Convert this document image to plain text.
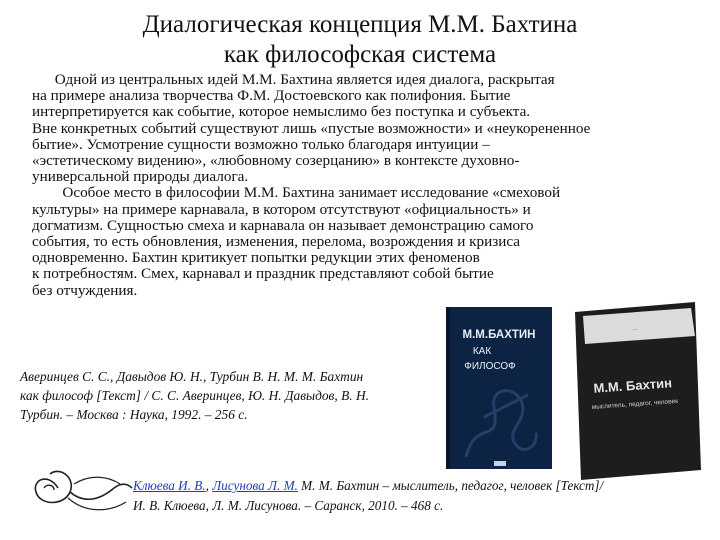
Диалогическая концепция М.М. Бахтина
как философская система

Одной из центральных идей М.М. Бахтина является идея диалога, раскрытая

на примере анализа творчества Ф.М. Достоевского как полифония. Бытие

интерпретируется как событие, которое немыслимо без поступка и субъекта.

Вне конкретных событий существуют лишь «пустые возможности» и «неукорененное

бытие». Усмотрение сущности возможно только благодаря интуиции –

«эстетическому видению», «любовному созерцанию» в контексте духовно-

универсальной природы диалога.

Особое место в философии М.М. Бахтина занимает исследование «смеховой

культуры» на примере карнавала, в котором отсутствуют «официальность» и

догматизм. Сущностью смеха и карнавала он называет демонстрацию самого

события, то есть обновления, изменения, перелома, возрождения и кризиса

одновременно. Бахтин критикует попытки редукции этих феноменов

к потребностям. Смех, карнавал и праздник представляют собой бытие

без отчуждения.

М.М.БАХТИН
КАК
ФИЛОСОФ
…
М.М. Бахтин
мыслитель, педагог, человек

Аверинцев С. С., Давыдов Ю. Н., Турбин В. Н. М. М. Бахтин

как философ [Текст] / С. С. Аверинцев, Ю. Н. Давыдов, В. Н.

Турбин. – Москва : Наука, 1992. – 256 с.

Клюева И. В., Лисунова Л. М. М. М. Бахтин – мыслитель, педагог, человек [Текст]/

И. В. Клюева, Л. М. Лисунова. – Саранск, 2010. – 468 с.
